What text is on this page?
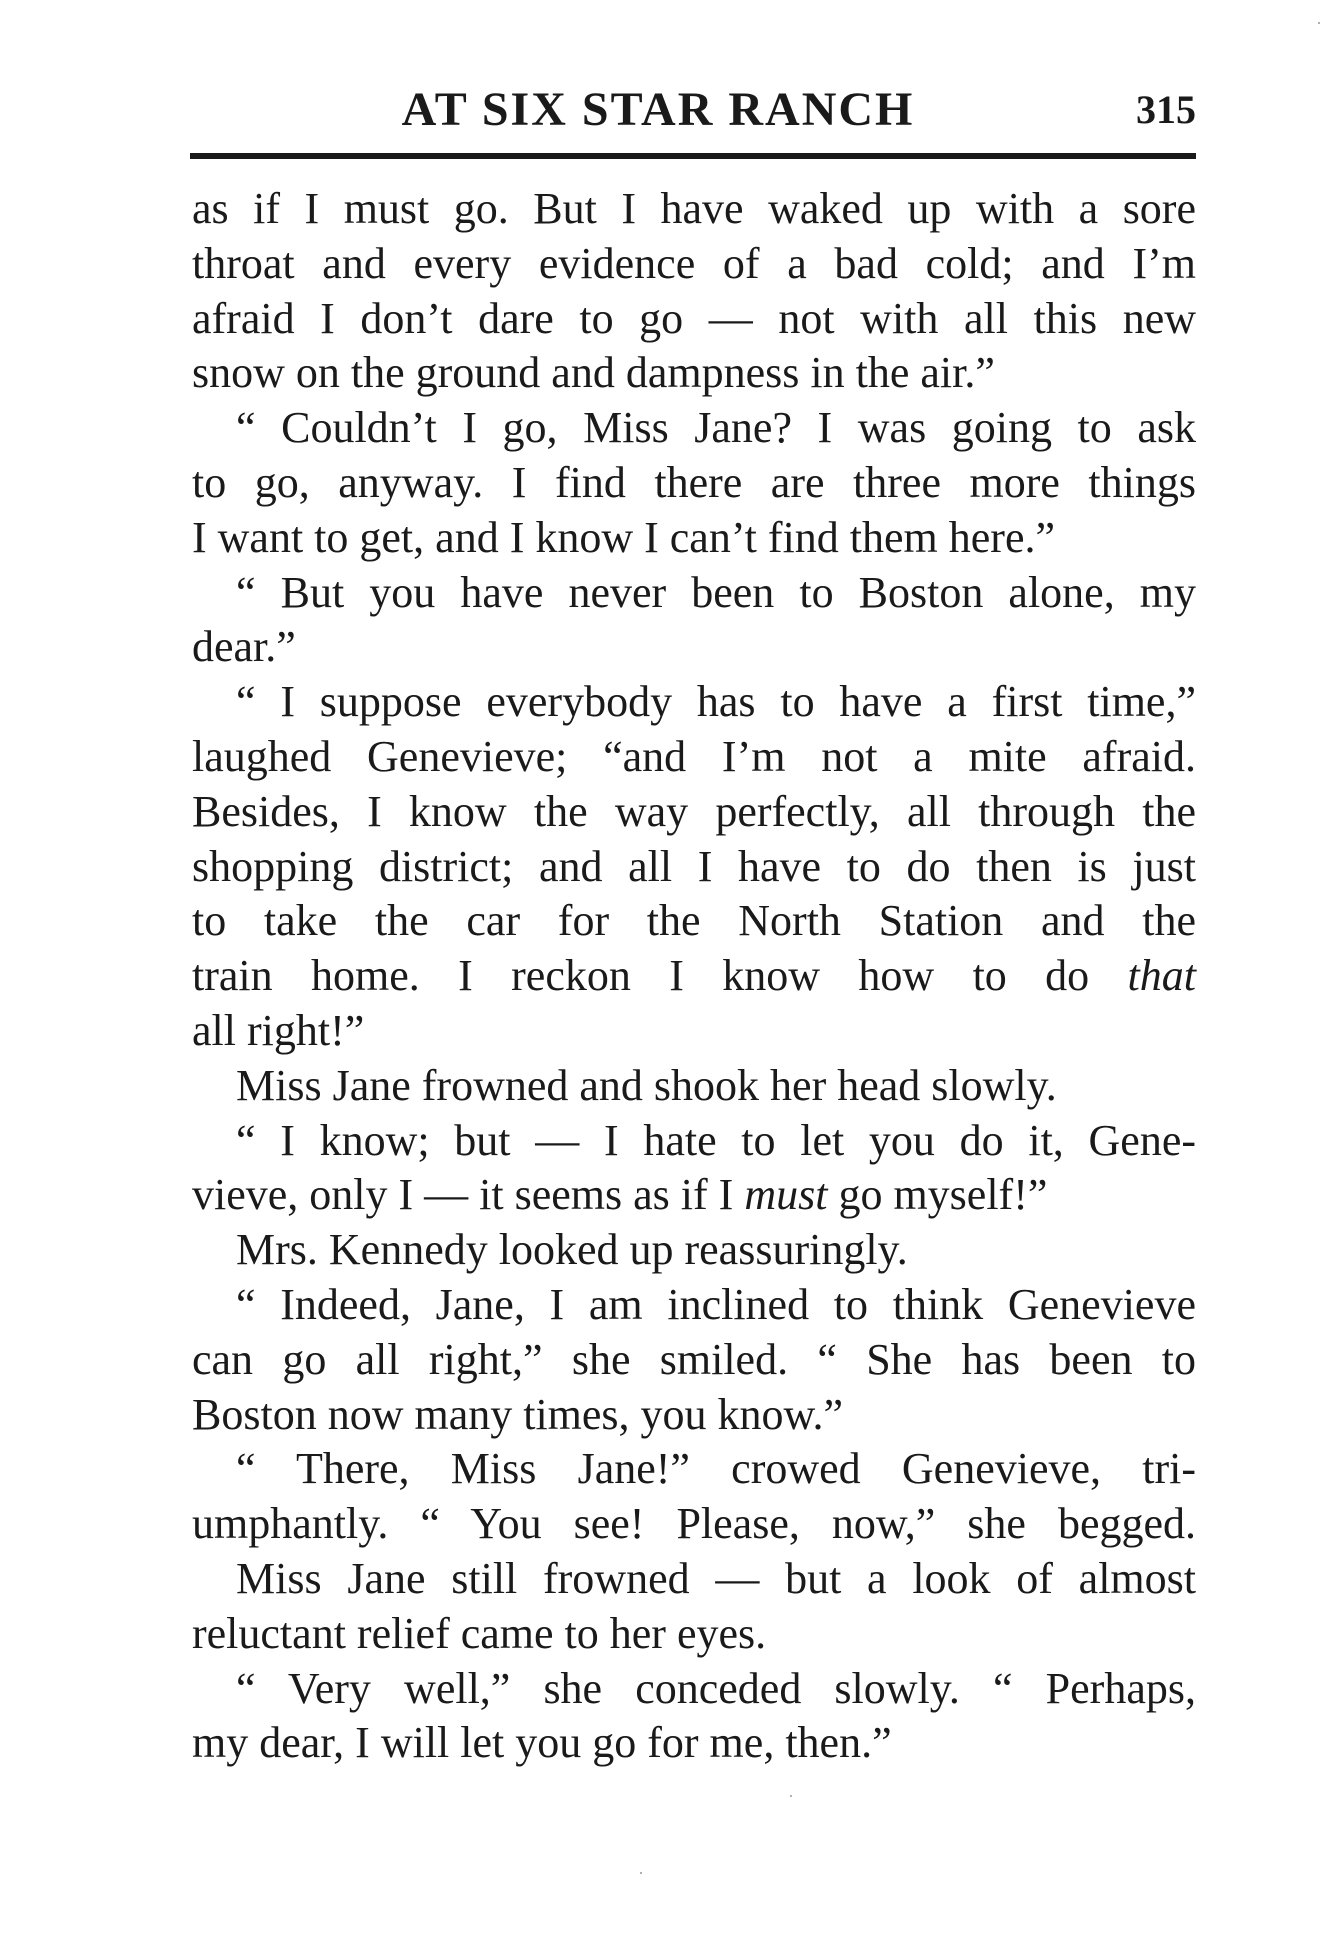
AT SIX STAR RANCH	315
as if I must go. But I have waked up with a sore
throat and every evidence of a bad cold; and I’m
afraid I don’t dare to go — not with all this new
snow on the ground and dampness in the air.”
“ Couldn’t I go, Miss Jane? I was going to ask
to go, anyway. I find there are three more things
I want to get, and I know I can’t find them here.”
“ But you have never been to Boston alone, my
dear.”
“ I suppose everybody has to have a first time,”
laughed Genevieve; “and I’m not a mite afraid.
Besides, I know the way perfectly, all through the
shopping district; and all I have to do then is just
to take the car for the North Station and the
train home. I reckon I know how to do that
all right!”
Miss Jane frowned and shook her head slowly.
“ I know; but — I hate to let you do it, Gene-
vieve, only I — it seems as if I must go myself!”
Mrs. Kennedy looked up reassuringly.
“ Indeed, Jane, I am inclined to think Genevieve
can go all right,” she smiled. “ She has been to
Boston now many times, you know.”
“ There, Miss Jane!” crowed Genevieve, tri-
umphantly. “ You see! Please, now,” she begged.
Miss Jane still frowned — but a look of almost
reluctant relief came to her eyes.
“ Very well,” she conceded slowly. “ Perhaps,
my dear, I will let you go for me, then.”
